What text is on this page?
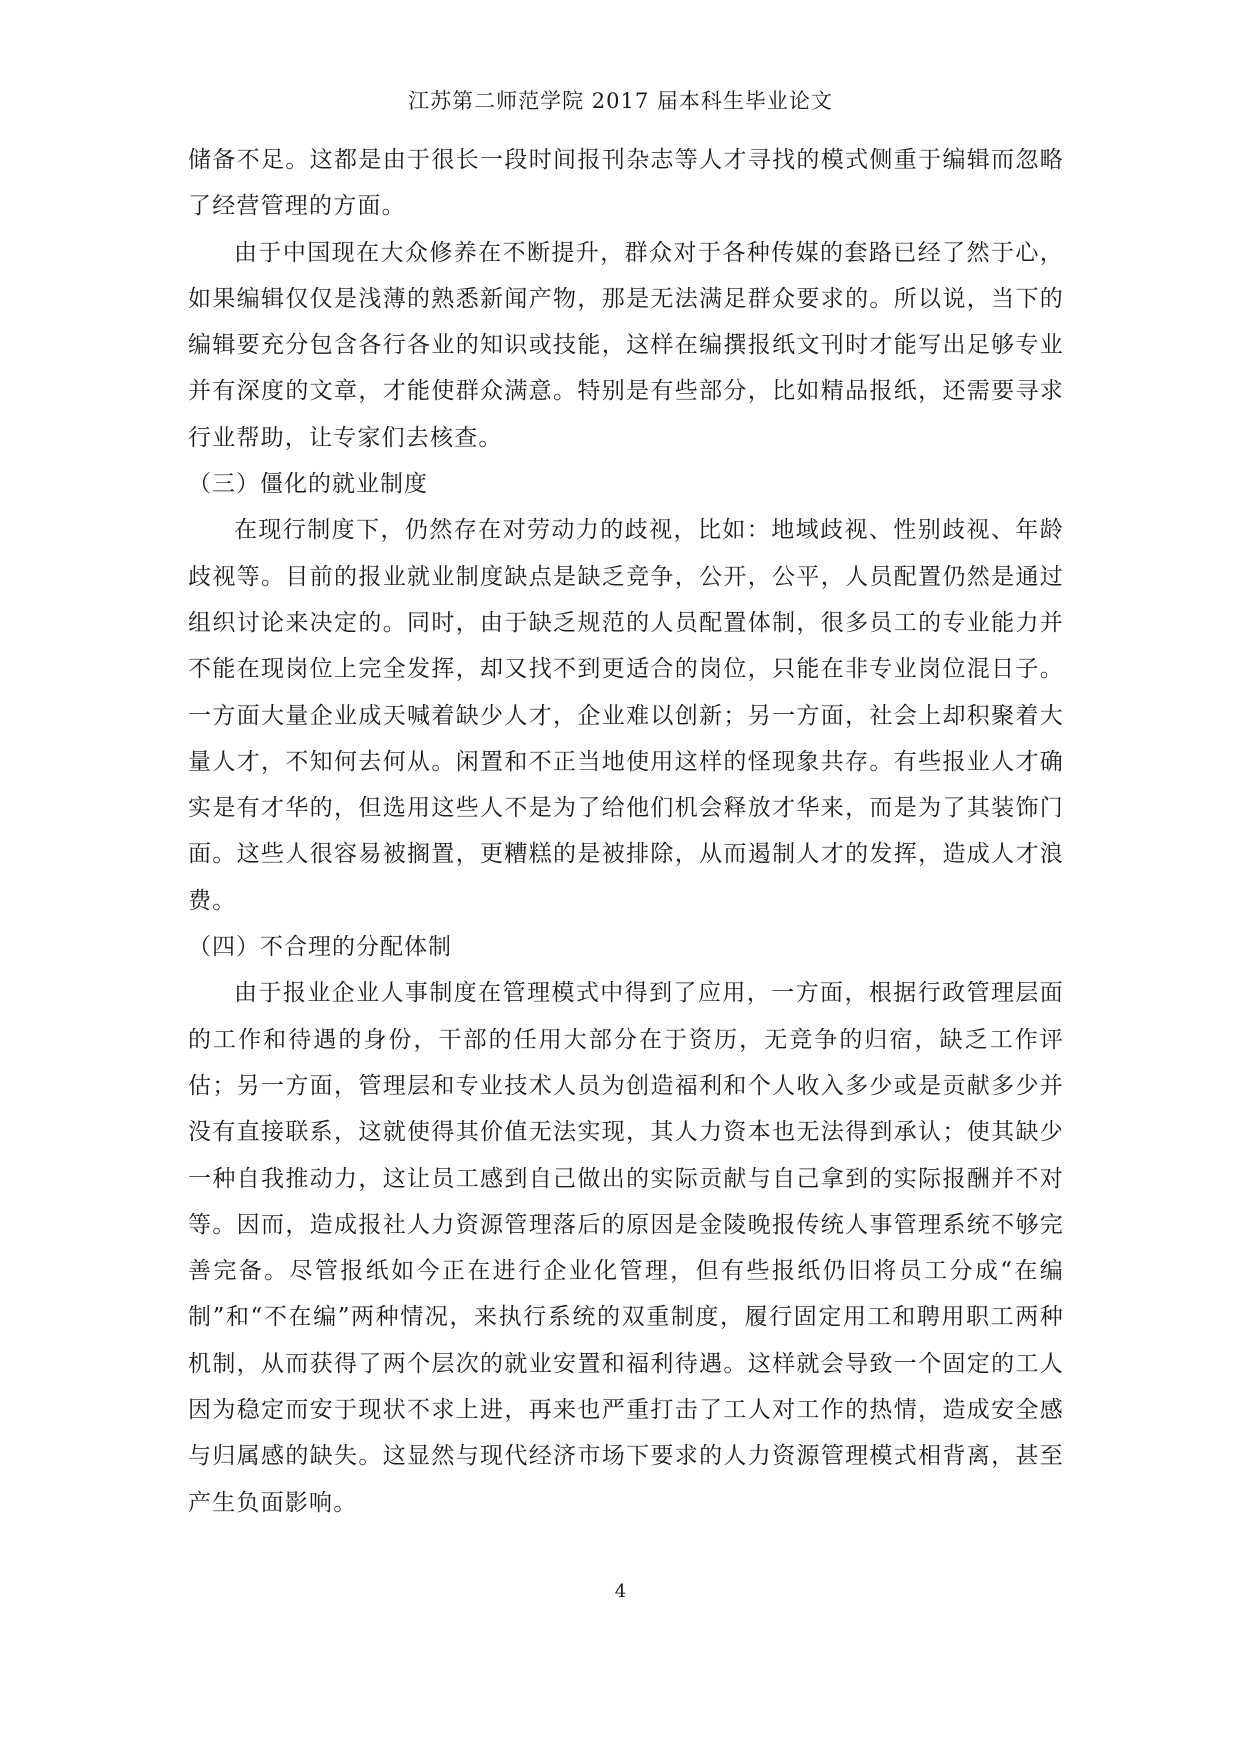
江苏第二师范学院 2017 届本科生毕业论文

储备不足。这都是由于很长一段时间报刊杂志等人才寻找的模式侧重于编辑而忽略了经营管理的方面。

由于中国现在大众修养在不断提升，群众对于各种传媒的套路已经了然于心，如果编辑仅仅是浅薄的熟悉新闻产物，那是无法满足群众要求的。所以说，当下的编辑要充分包含各行各业的知识或技能，这样在编撰报纸文刊时才能写出足够专业并有深度的文章，才能使群众满意。特别是有些部分，比如精品报纸，还需要寻求行业帮助，让专家们去核查。

（三）僵化的就业制度

在现行制度下，仍然存在对劳动力的歧视，比如：地域歧视、性别歧视、年龄歧视等。目前的报业就业制度缺点是缺乏竞争，公开，公平，人员配置仍然是通过组织讨论来决定的。同时，由于缺乏规范的人员配置体制，很多员工的专业能力并不能在现岗位上完全发挥，却又找不到更适合的岗位，只能在非专业岗位混日子。一方面大量企业成天喊着缺少人才，企业难以创新；另一方面，社会上却积聚着大量人才，不知何去何从。闲置和不正当地使用这样的怪现象共存。有些报业人才确实是有才华的，但选用这些人不是为了给他们机会释放才华来，而是为了其装饰门面。这些人很容易被搁置，更糟糕的是被排除，从而遏制人才的发挥，造成人才浪费。

（四）不合理的分配体制

由于报业企业人事制度在管理模式中得到了应用，一方面，根据行政管理层面的工作和待遇的身份，干部的任用大部分在于资历，无竞争的归宿，缺乏工作评估；另一方面，管理层和专业技术人员为创造福利和个人收入多少或是贡献多少并没有直接联系，这就使得其价值无法实现，其人力资本也无法得到承认；使其缺少一种自我推动力，这让员工感到自己做出的实际贡献与自己拿到的实际报酬并不对等。因而，造成报社人力资源管理落后的原因是金陵晚报传统人事管理系统不够完善完备。尽管报纸如今正在进行企业化管理，但有些报纸仍旧将员工分成“在编制”和“不在编”两种情况，来执行系统的双重制度，履行固定用工和聘用职工两种机制，从而获得了两个层次的就业安置和福利待遇。这样就会导致一个固定的工人因为稳定而安于现状不求上进，再来也严重打击了工人对工作的热情，造成安全感与归属感的缺失。这显然与现代经济市场下要求的人力资源管理模式相背离，甚至产生负面影响。

4
